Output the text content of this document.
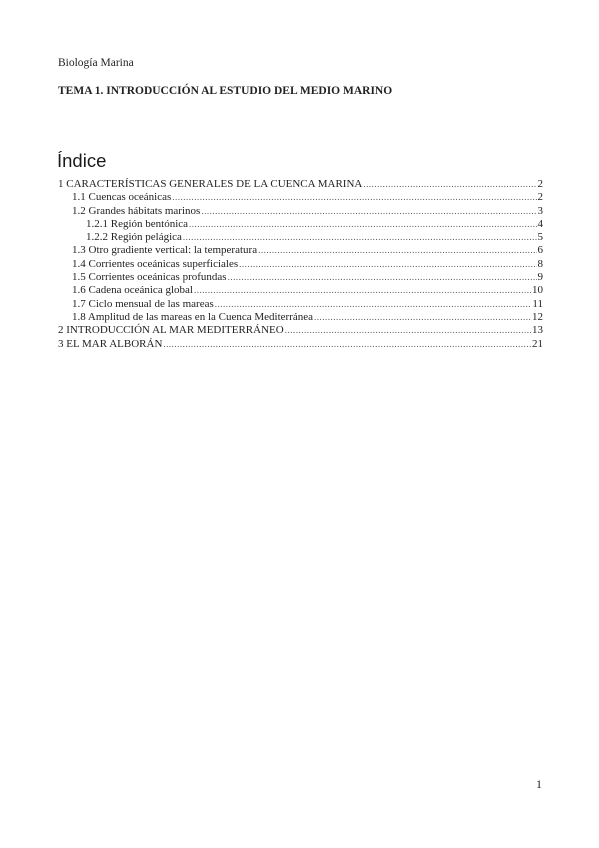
Biología Marina
TEMA 1. INTRODUCCIÓN AL ESTUDIO DEL MEDIO MARINO
Índice
1 CARACTERÍSTICAS GENERALES DE LA CUENCA MARINA .....	2
1.1 Cuencas oceánicas .....	2
1.2 Grandes hábitats marinos .....	3
1.2.1 Región bentónica .....	4
1.2.2 Región pelágica .....	5
1.3 Otro gradiente vertical: la temperatura .....	6
1.4 Corrientes oceánicas superficiales .....	8
1.5 Corrientes oceánicas profundas .....	9
1.6 Cadena oceánica global .....	10
1.7 Ciclo mensual de las mareas .....	11
1.8 Amplitud de las mareas en la Cuenca Mediterránea .....	12
2 INTRODUCCIÓN AL MAR MEDITERRÁNEO .....	13
3 EL MAR ALBORÁN .....	21
1
